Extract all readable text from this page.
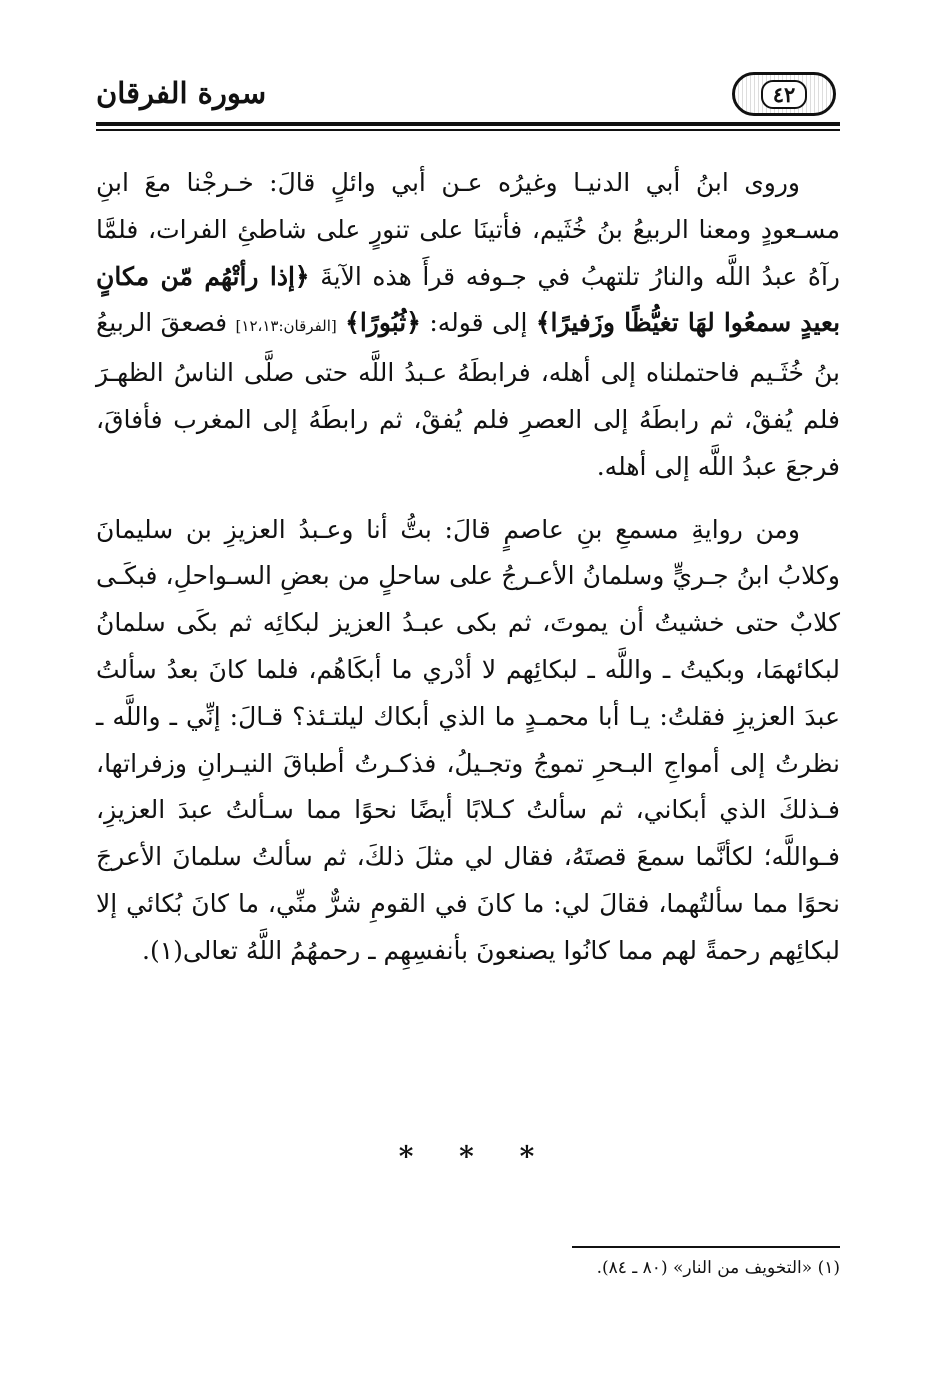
سورة الفرقان	٤٢

وروى ابنُ أبي الدنيـا وغيرُه عـن أبي وائلٍ قالَ: خـرجْنا معَ ابنِ مسـعودٍ ومعنا الربيعُ بنُ خُثَيم، فأتينَا على تنورٍ على شاطئِ الفرات، فلمَّا رآهُ عبدُ اللَّه والنارُ تلتهبُ في جـوفه قرأَ هذه الآيةَ ﴿إذا رأتْهُم مّن مكانٍ بعيدٍ سمعُوا لهَا تغيُّظًا وزَفيرًا﴾ إلى قوله: ﴿ثُبُورًا﴾ [الفرقان:١٢،١٣] فصعقَ الربيعُ بنُ خُثَـيم فاحتملناه إلى أهله، فرابطَهُ عـبدُ اللَّه حتى صلَّى الناسُ الظهـرَ فلم يُفقْ، ثم رابطَهُ إلى العصرِ فلم يُفقْ، ثم رابطَهُ إلى المغرب فأفاقَ، فرجعَ عبدُ اللَّه إلى أهله.

ومن روايةِ مسمعِ بنِ عاصمٍ قالَ: بتُّ أنا وعـبدُ العزيزِ بن سليمانَ وكلابُ ابنُ جـريٍّ وسلمانُ الأعـرجُ على ساحلٍ من بعضِ السـواحلِ، فبكَـى كلابٌ حتى خشيتُ أن يموتَ، ثم بكى عبـدُ العزيز لبكائِه ثم بكَى سلمانُ لبكائهمَا، وبكيتُ ـ واللَّه ـ لبكائِهم لا أدْري ما أبكَاهُم، فلما كانَ بعدُ سألتُ عبدَ العزيزِ فقلتُ: يـا أبا محمـدٍ ما الذي أبكاك ليلتـئذ؟ قـالَ: إنِّي ـ واللَّه ـ نظرتُ إلى أمواجِ البـحرِ تموجُ وتجـيلُ، فذكـرتُ أطباقَ النيـرانِ وزفراتها، فـذلكَ الذي أبكاني، ثم سألتُ كـلابًا أيضًا نحوًا مما سـألتُ عبدَ العزيزِ، فـواللَّه؛ لكأنَّما سمعَ قصتَهُ، فقال لي مثلَ ذلكَ، ثم سألتُ سلمانَ الأعرجَ نحوًا مما سألتُهما، فقالَ لي: ما كانَ في القومِ شرٌّ منِّي، ما كانَ بُكائي إلا لبكائِهم رحمةً لهم مما كانُوا يصنعونَ بأنفسِهِم ـ رحمهُمُ اللَّهُ تعالى(١).

* * *
(١) «التخويف من النار» (٨٠ ـ ٨٤).
